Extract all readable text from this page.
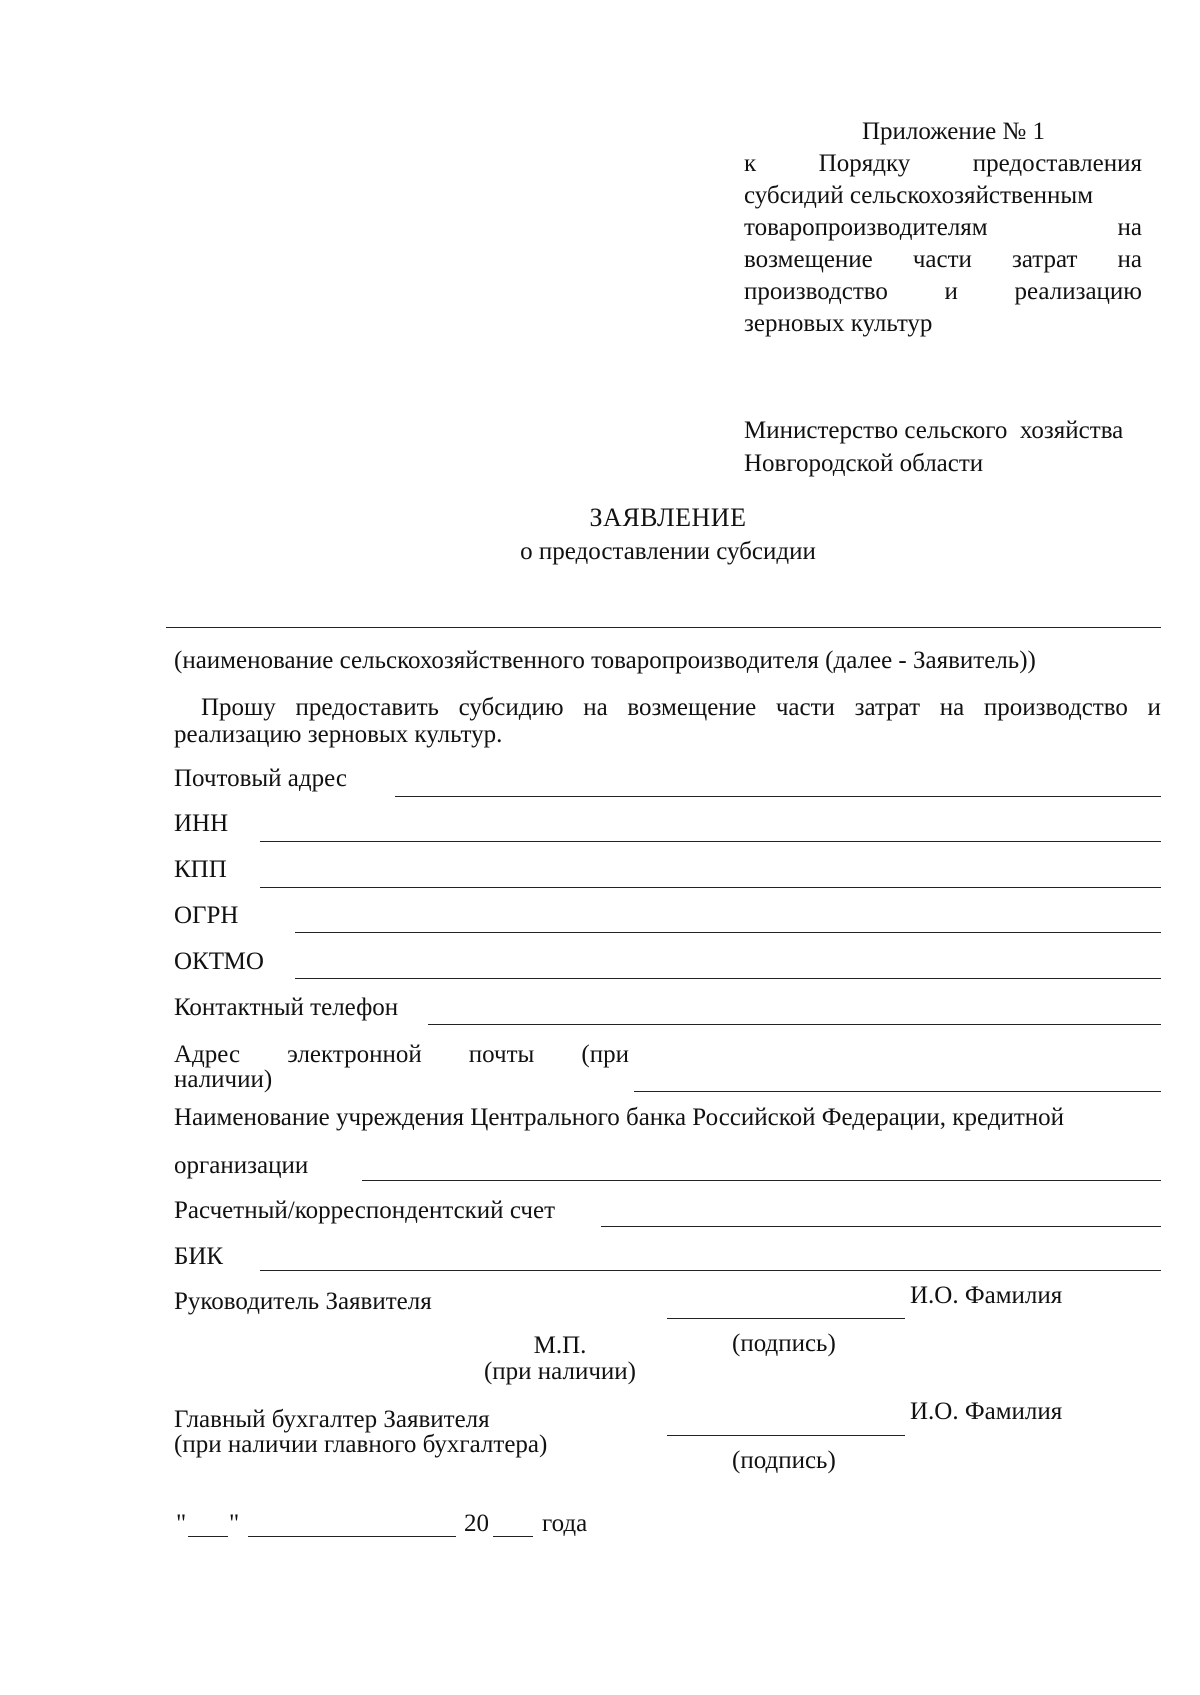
Приложение № 1
к	Порядку	предоставления
субсидий сельскохозяйственным
товаропроизводителям	на
возмещение части затрат на
производство и реализацию
зерновых культур
Министерство сельского  хозяйства
Новгородской области
ЗАЯВЛЕНИЕ
о предоставлении субсидии
(наименование сельскохозяйственного товаропроизводителя (далее - Заявитель))
Прошу предоставить субсидию на возмещение части затрат на производство и
реализацию зерновых культур.
Почтовый адрес
ИНН
КПП
ОГРН
ОКТМО
Контактный телефон
Адрес электронной почты (при
наличии)
Наименование учреждения Центрального банка Российской Федерации, кредитной
организации
Расчетный/корреспондентский счет
БИК
Руководитель Заявителя	И.О. Фамилия
(подпись)
М.П.
(при наличии)
Главный бухгалтер Заявителя
(при наличии главного бухгалтера)
И.О. Фамилия
(подпись)
" "	20 года
